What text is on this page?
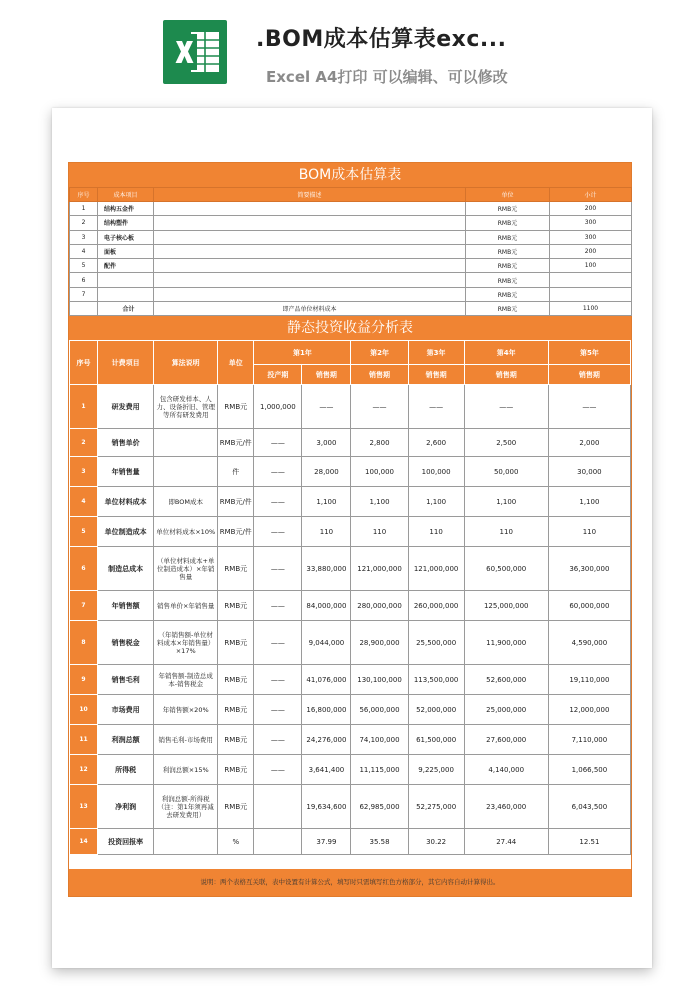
.BOM成本估算表exc...
Excel A4打印 可以编辑、可以修改
BOM成本估算表
序号	成本项目	简要描述	单位	小计
1	结构五金件		RMB元	200
2	结构塑件		RMB元	300
3	电子核心板		RMB元	300
4	面板		RMB元	200
5	配件		RMB元	100
6			RMB元	
7			RMB元	
	合计	即产品单位材料成本	RMB元	1100
静态投资收益分析表
序号	计费项目	算法说明	单位	第1年		第2年	第3年	第4年	第5年
				投产期	销售期	销售期	销售期	销售期	销售期
1	研发费用	包含研发样本、人力、设备折旧、管理等所有研发费用	RMB元	1,000,000	——	——	——	——	——
2	销售单价		RMB元/件	——	3,000	2,800	2,600	2,500	2,000
3	年销售量		件	——	28,000	100,000	100,000	50,000	30,000
4	单位材料成本	即BOM成本	RMB元/件	——	1,100	1,100	1,100	1,100	1,100
5	单位制造成本	单位材料成本×10%	RMB元/件	——	110	110	110	110	110
6	制造总成本	（单位材料成本+单位制造成本）×年销售量	RMB元	——	33,880,000	121,000,000	121,000,000	60,500,000	36,300,000
7	年销售额	销售单价×年销售量	RMB元	——	84,000,000	280,000,000	260,000,000	125,000,000	60,000,000
8	销售税金	（年销售额-单位材料成本×年销售量）×17%	RMB元	——	9,044,000	28,900,000	25,500,000	11,900,000	4,590,000
9	销售毛利	年销售额-制造总成本-销售税金	RMB元	——	41,076,000	130,100,000	113,500,000	52,600,000	19,110,000
10	市场费用	年销售额×20%	RMB元	——	16,800,000	56,000,000	52,000,000	25,000,000	12,000,000
11	利润总额	销售毛利-市场费用	RMB元	——	24,276,000	74,100,000	61,500,000	27,600,000	7,110,000
12	所得税	利润总额×15%	RMB元	——	3,641,400	11,115,000	9,225,000	4,140,000	1,066,500
13	净利润	利润总额-所得税（注：第1年须再减去研发费用）	RMB元		19,634,600	62,985,000	52,275,000	23,460,000	6,043,500
14	投资回报率		%		37.99	35.58	30.22	27.44	12.51
说明：两个表格互关联，表中设置有计算公式，填写时只需填写红色方格部分，其它内容自动计算得出。
